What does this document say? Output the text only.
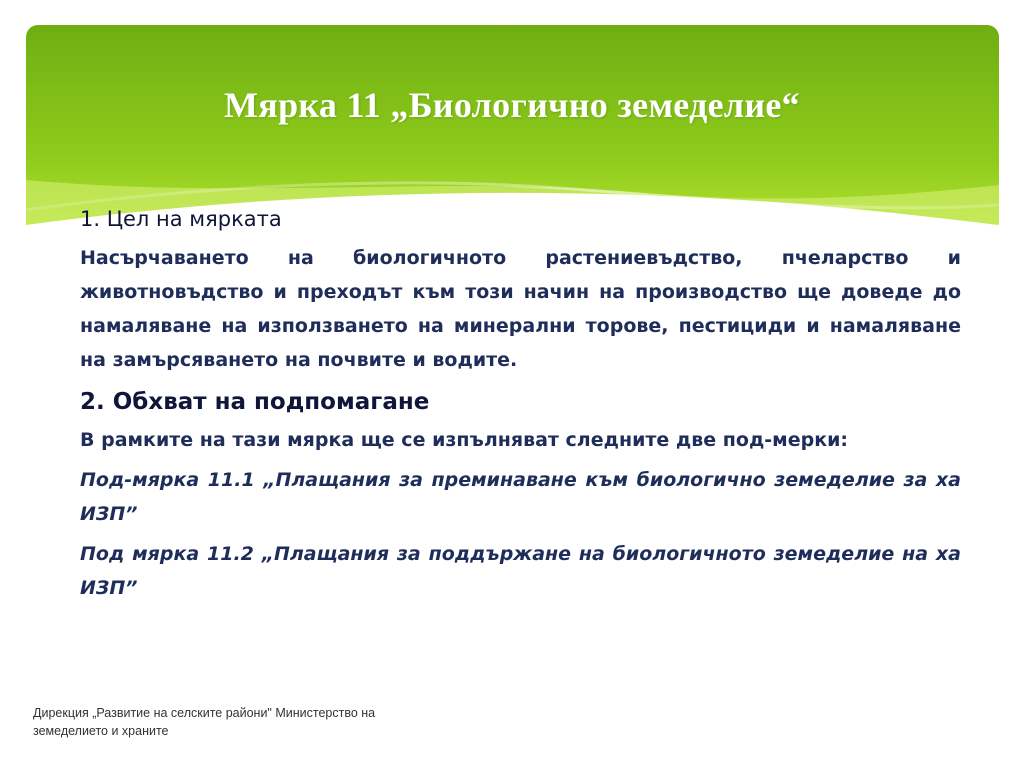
Мярка 11 „Биологично земеделие“
1. Цел на мярката

Насърчаването на биологичното растениевъдство, пчеларство и животновъдство и преходът към този начин на производство ще доведе до намаляване на използването на минерални торове, пестициди и намаляване на замърсяването на почвите и водите.

2. Обхват на подпомагане

В рамките на тази мярка ще се изпълняват следните две под-мерки:

Под-мярка 11.1 „Плащания за преминаване към биологично земеделие за ха ИЗП”

Под мярка 11.2 „Плащания за поддържане на биологичното земеделие на ха ИЗП”

Дирекция „Развитие на селските райони" Министерство на земеделието и храните
